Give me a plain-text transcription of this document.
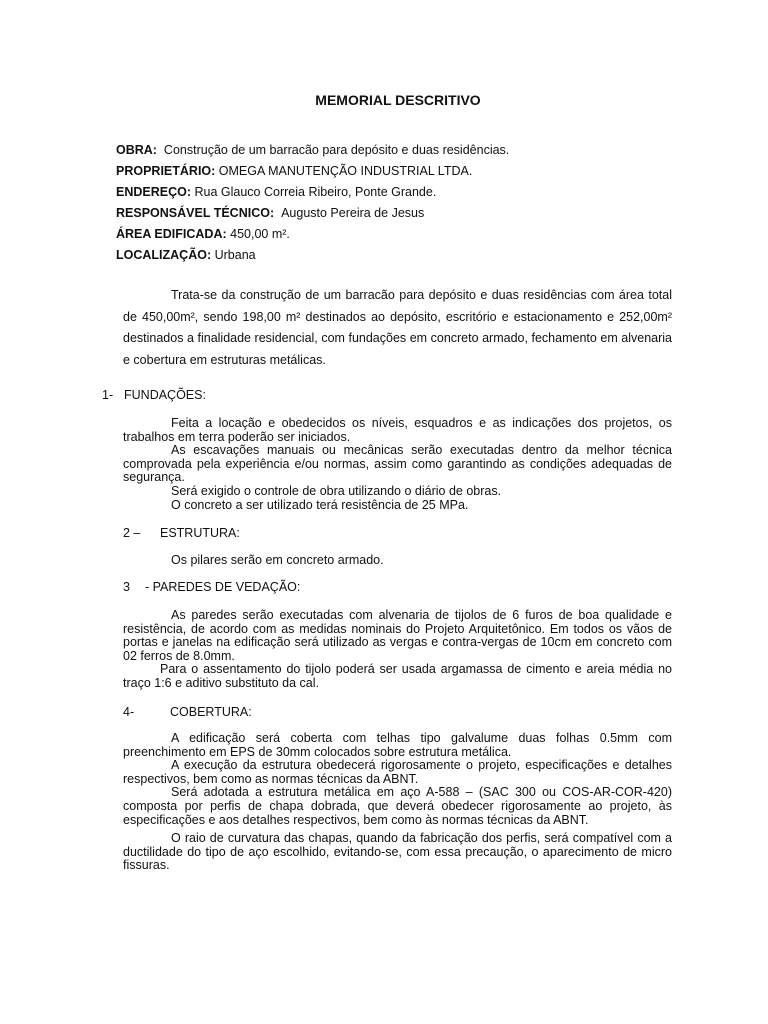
MEMORIAL DESCRITIVO
OBRA: Construção de um barracão para depósito e duas residências.
PROPRIETÁRIO: OMEGA MANUTENÇÃO INDUSTRIAL LTDA.
ENDEREÇO: Rua Glauco Correia Ribeiro, Ponte Grande.
RESPONSÁVEL TÉCNICO: Augusto Pereira de Jesus
ÁREA EDIFICADA: 450,00 m².
LOCALIZAÇÃO: Urbana
Trata-se da construção de um barracão para depósito e duas residências com área total de 450,00m², sendo 198,00 m² destinados ao depósito, escritório e estacionamento e 252,00m² destinados a finalidade residencial, com fundações em concreto armado, fechamento em alvenaria e cobertura em estruturas metálicas.
1- FUNDAÇÕES:

Feita a locação e obedecidos os níveis, esquadros e as indicações dos projetos, os trabalhos em terra poderão ser iniciados.

As escavações manuais ou mecânicas serão executadas dentro da melhor técnica comprovada pela experiência e/ou normas, assim como garantindo as condições adequadas de segurança.

Será exigido o controle de obra utilizando o diário de obras.

O concreto a ser utilizado terá resistência de 25 MPa.

2 – ESTRUTURA:

Os pilares serão em concreto armado.

3 - PAREDES DE VEDAÇÃO:

As paredes serão executadas com alvenaria de tijolos de 6 furos de boa qualidade e resistência, de acordo com as medidas nominais do Projeto Arquitetônico. Em todos os vãos de portas e janelas na edificação será utilizado as vergas e contra-vergas de 10cm em concreto com 02 ferros de 8.0mm.

Para o assentamento do tijolo poderá ser usada argamassa de cimento e areia média no traço 1:6 e aditivo substituto da cal.

4-	COBERTURA:

A edificação será coberta com telhas tipo galvalume duas folhas 0.5mm com preenchimento em EPS de 30mm colocados sobre estrutura metálica.

A execução da estrutura obedecerá rigorosamente o projeto, especificações e detalhes respectivos, bem como as normas técnicas da ABNT.

Será adotada a estrutura metálica em aço A-588 – (SAC 300 ou COS-AR-COR-420) composta por perfis de chapa dobrada, que deverá obedecer rigorosamente ao projeto, às especificações e aos detalhes respectivos, bem como às normas técnicas da ABNT.

O raio de curvatura das chapas, quando da fabricação dos perfis, será compatível com a ductilidade do tipo de aço escolhido, evitando-se, com essa precaução, o aparecimento de micro fissuras.
